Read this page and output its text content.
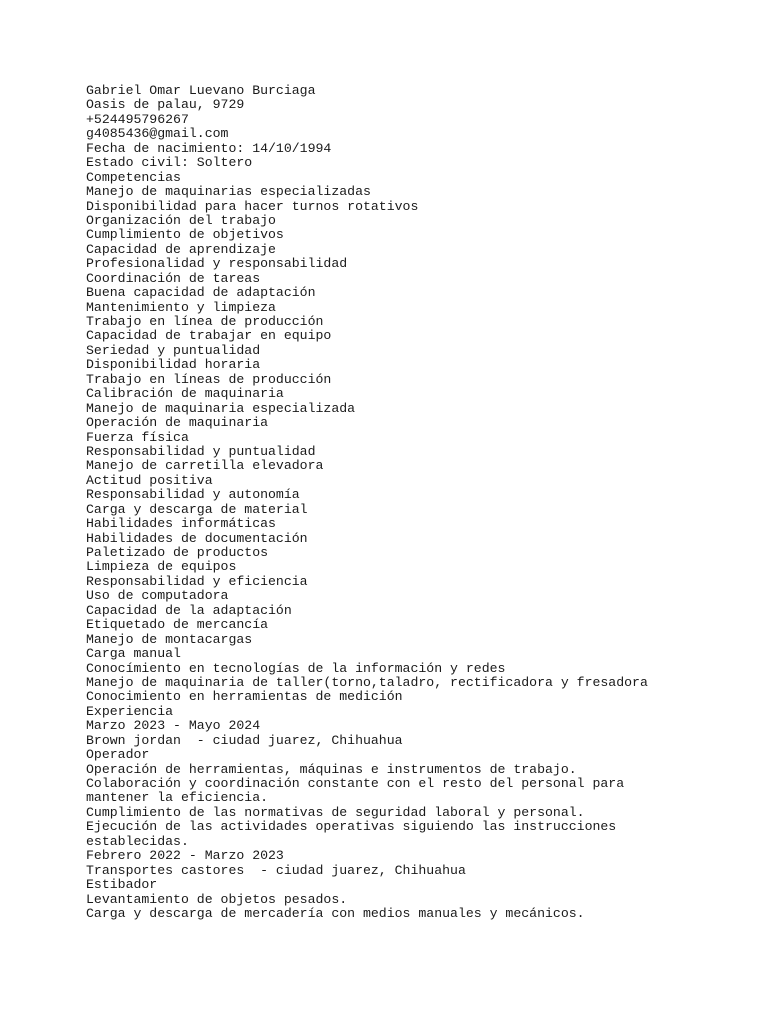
Gabriel Omar Luevano Burciaga
Oasis de palau, 9729
+524495796267
g4085436@gmail.com
Fecha de nacimiento: 14/10/1994
Estado civil: Soltero
Competencias
Manejo de maquinarias especializadas
Disponibilidad para hacer turnos rotativos
Organización del trabajo
Cumplimiento de objetivos
Capacidad de aprendizaje
Profesionalidad y responsabilidad
Coordinación de tareas
Buena capacidad de adaptación
Mantenimiento y limpieza
Trabajo en línea de producción
Capacidad de trabajar en equipo
Seriedad y puntualidad
Disponibilidad horaria
Trabajo en líneas de producción
Calibración de maquinaria
Manejo de maquinaria especializada
Operación de maquinaria
Fuerza física
Responsabilidad y puntualidad
Manejo de carretilla elevadora
Actitud positiva
Responsabilidad y autonomía
Carga y descarga de material
Habilidades informáticas
Habilidades de documentación
Paletizado de productos
Limpieza de equipos
Responsabilidad y eficiencia
Uso de computadora
Capacidad de la adaptación
Etiquetado de mercancía
Manejo de montacargas
Carga manual
Conocímiento en tecnologías de la información y redes
Manejo de maquinaria de taller(torno,taladro, rectificadora y fresadora
Conocimiento en herramientas de medición
Experiencia
Marzo 2023 - Mayo 2024
Brown jordan  - ciudad juarez, Chihuahua
Operador
Operación de herramientas, máquinas e instrumentos de trabajo.
Colaboración y coordinación constante con el resto del personal para
mantener la eficiencia.
Cumplimiento de las normativas de seguridad laboral y personal.
Ejecución de las actividades operativas siguiendo las instrucciones
establecidas.
Febrero 2022 - Marzo 2023
Transportes castores  - ciudad juarez, Chihuahua
Estibador
Levantamiento de objetos pesados.
Carga y descarga de mercadería con medios manuales y mecánicos.
